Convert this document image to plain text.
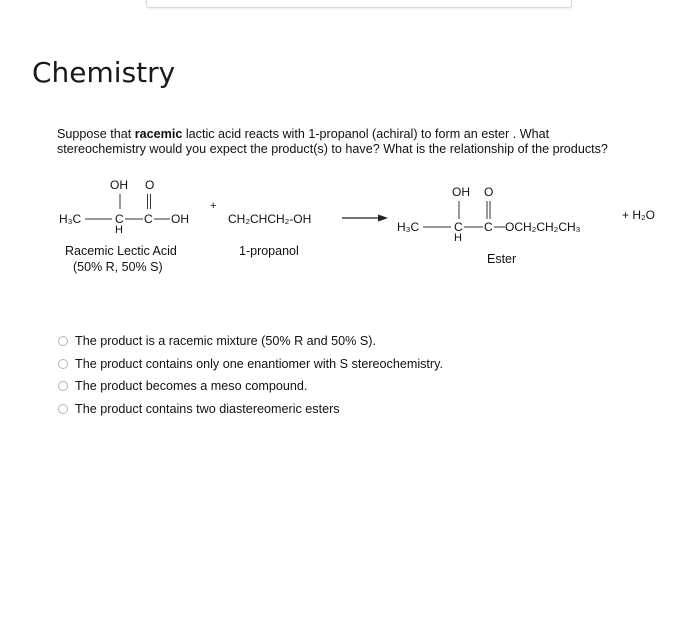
Chemistry

Suppose that racemic lactic acid reacts with 1-propanol (achiral) to form an ester . What stereochemistry would you expect the product(s) to have? What is the relationship of the products?

OH O
H₃C	C C OH
H
Racemic Lectic Acid
(50% R, 50% S)
+
CH₂CHCH₂-OH
1-propanol
OH O
H₃C	C C OCH₂CH₂CH₃
H
Ester
+ H₂O
The product is a racemic mixture (50% R and 50% S).
The product contains only one enantiomer with S stereochemistry.
The product becomes a meso compound.
The product contains two diastereomeric esters
